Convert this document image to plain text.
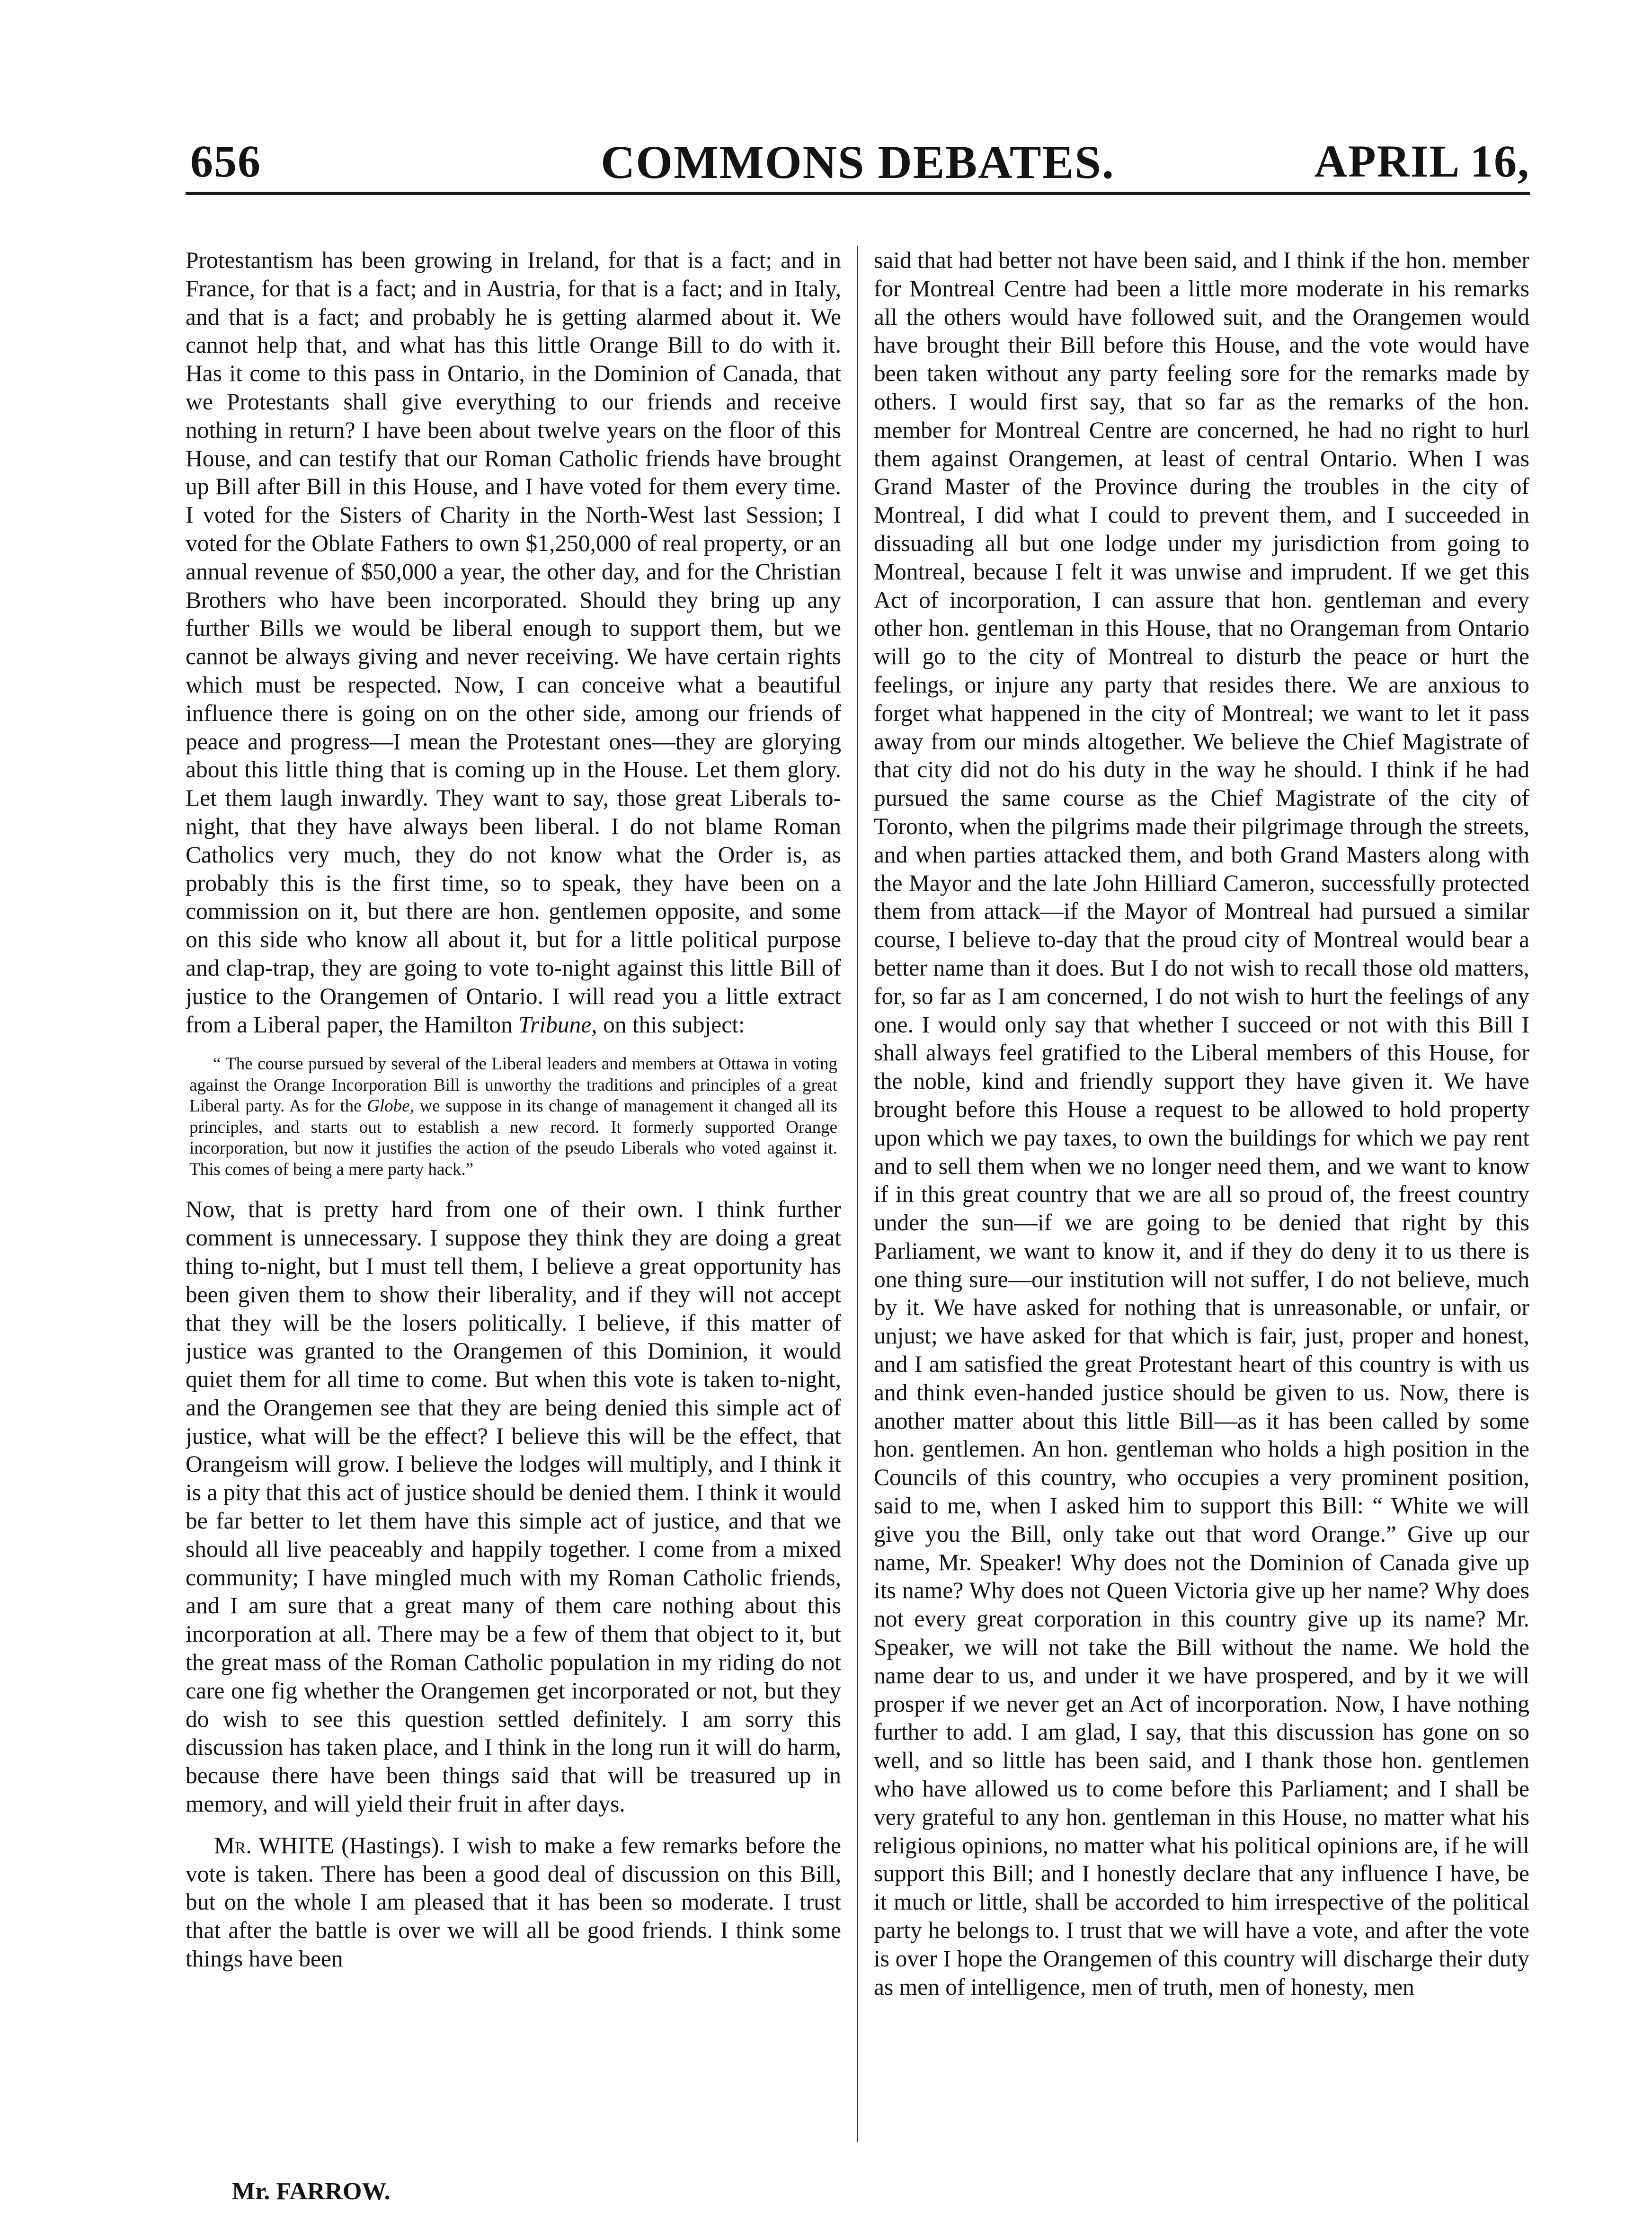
656	COMMONS DEBATES.	APRIL 16,

Protestantism has been growing in Ireland, for that is a fact; and in France, for that is a fact; and in Austria, for that is a fact; and in Italy, and that is a fact; and probably he is getting alarmed about it. We cannot help that, and what has this little Orange Bill to do with it. Has it come to this pass in Ontario, in the Dominion of Canada, that we Protestants shall give everything to our friends and receive nothing in return? I have been about twelve years on the floor of this House, and can testify that our Roman Catholic friends have brought up Bill after Bill in this House, and I have voted for them every time. I voted for the Sisters of Charity in the North-West last Session; I voted for the Oblate Fathers to own $1,250,000 of real property, or an annual revenue of $50,000 a year, the other day, and for the Christian Brothers who have been incorporated. Should they bring up any further Bills we would be liberal enough to support them, but we cannot be always giving and never receiving. We have certain rights which must be respected. Now, I can conceive what a beautiful influence there is going on on the other side, among our friends of peace and progress—I mean the Protestant ones—they are glorying about this little thing that is coming up in the House. Let them glory. Let them laugh inwardly. They want to say, those great Liberals to-night, that they have always been liberal. I do not blame Roman Catholics very much, they do not know what the Order is, as probably this is the first time, so to speak, they have been on a commission on it, but there are hon. gentlemen opposite, and some on this side who know all about it, but for a little political purpose and clap-trap, they are going to vote to-night against this little Bill of justice to the Orangemen of Ontario. I will read you a little extract from a Liberal paper, the Hamilton Tribune, on this subject:

“ The course pursued by several of the Liberal leaders and members at Ottawa in voting against the Orange Incorporation Bill is unworthy the traditions and principles of a great Liberal party. As for the Globe, we suppose in its change of management it changed all its principles, and starts out to establish a new record. It formerly supported Orange incorporation, but now it justifies the action of the pseudo Liberals who voted against it. This comes of being a mere party hack.”

Now, that is pretty hard from one of their own. I think further comment is unnecessary. I suppose they think they are doing a great thing to-night, but I must tell them, I believe a great opportunity has been given them to show their liberality, and if they will not accept that they will be the losers politically. I believe, if this matter of justice was granted to the Orangemen of this Dominion, it would quiet them for all time to come. But when this vote is taken to-night, and the Orangemen see that they are being denied this simple act of justice, what will be the effect? I believe this will be the effect, that Orangeism will grow. I believe the lodges will multiply, and I think it is a pity that this act of justice should be denied them. I think it would be far better to let them have this simple act of justice, and that we should all live peaceably and happily together. I come from a mixed community; I have mingled much with my Roman Catholic friends, and I am sure that a great many of them care nothing about this incorporation at all. There may be a few of them that object to it, but the great mass of the Roman Catholic population in my riding do not care one fig whether the Orangemen get incorporated or not, but they do wish to see this question settled definitely. I am sorry this discussion has taken place, and I think in the long run it will do harm, because there have been things said that will be treasured up in memory, and will yield their fruit in after days.

Mr. WHITE (Hastings). I wish to make a few remarks before the vote is taken. There has been a good deal of discussion on this Bill, but on the whole I am pleased that it has been so moderate. I trust that after the battle is over we will all be good friends. I think some things have been

said that had better not have been said, and I think if the hon. member for Montreal Centre had been a little more moderate in his remarks all the others would have followed suit, and the Orangemen would have brought their Bill before this House, and the vote would have been taken without any party feeling sore for the remarks made by others. I would first say, that so far as the remarks of the hon. member for Montreal Centre are concerned, he had no right to hurl them against Orangemen, at least of central Ontario. When I was Grand Master of the Province during the troubles in the city of Montreal, I did what I could to prevent them, and I succeeded in dissuading all but one lodge under my jurisdiction from going to Montreal, because I felt it was unwise and imprudent. If we get this Act of incorporation, I can assure that hon. gentleman and every other hon. gentleman in this House, that no Orangeman from Ontario will go to the city of Montreal to disturb the peace or hurt the feelings, or injure any party that resides there. We are anxious to forget what happened in the city of Montreal; we want to let it pass away from our minds altogether. We believe the Chief Magistrate of that city did not do his duty in the way he should. I think if he had pursued the same course as the Chief Magistrate of the city of Toronto, when the pilgrims made their pilgrimage through the streets, and when parties attacked them, and both Grand Masters along with the Mayor and the late John Hilliard Cameron, successfully protected them from attack—if the Mayor of Montreal had pursued a similar course, I believe to-day that the proud city of Montreal would bear a better name than it does. But I do not wish to recall those old matters, for, so far as I am concerned, I do not wish to hurt the feelings of any one. I would only say that whether I succeed or not with this Bill I shall always feel gratified to the Liberal members of this House, for the noble, kind and friendly support they have given it. We have brought before this House a request to be allowed to hold property upon which we pay taxes, to own the buildings for which we pay rent and to sell them when we no longer need them, and we want to know if in this great country that we are all so proud of, the freest country under the sun—if we are going to be denied that right by this Parliament, we want to know it, and if they do deny it to us there is one thing sure—our institution will not suffer, I do not believe, much by it. We have asked for nothing that is unreasonable, or unfair, or unjust; we have asked for that which is fair, just, proper and honest, and I am satisfied the great Protestant heart of this country is with us and think even-handed justice should be given to us. Now, there is another matter about this little Bill—as it has been called by some hon. gentlemen. An hon. gentleman who holds a high position in the Councils of this country, who occupies a very prominent position, said to me, when I asked him to support this Bill: “ White we will give you the Bill, only take out that word Orange.” Give up our name, Mr. Speaker! Why does not the Dominion of Canada give up its name? Why does not Queen Victoria give up her name? Why does not every great corporation in this country give up its name? Mr. Speaker, we will not take the Bill without the name. We hold the name dear to us, and under it we have prospered, and by it we will prosper if we never get an Act of incorporation. Now, I have nothing further to add. I am glad, I say, that this discussion has gone on so well, and so little has been said, and I thank those hon. gentlemen who have allowed us to come before this Parliament; and I shall be very grateful to any hon. gentleman in this House, no matter what his religious opinions, no matter what his political opinions are, if he will support this Bill; and I honestly declare that any influence I have, be it much or little, shall be accorded to him irrespective of the political party he belongs to. I trust that we will have a vote, and after the vote is over I hope the Orangemen of this country will discharge their duty as men of intelligence, men of truth, men of honesty, men

Mr. FARROW.
